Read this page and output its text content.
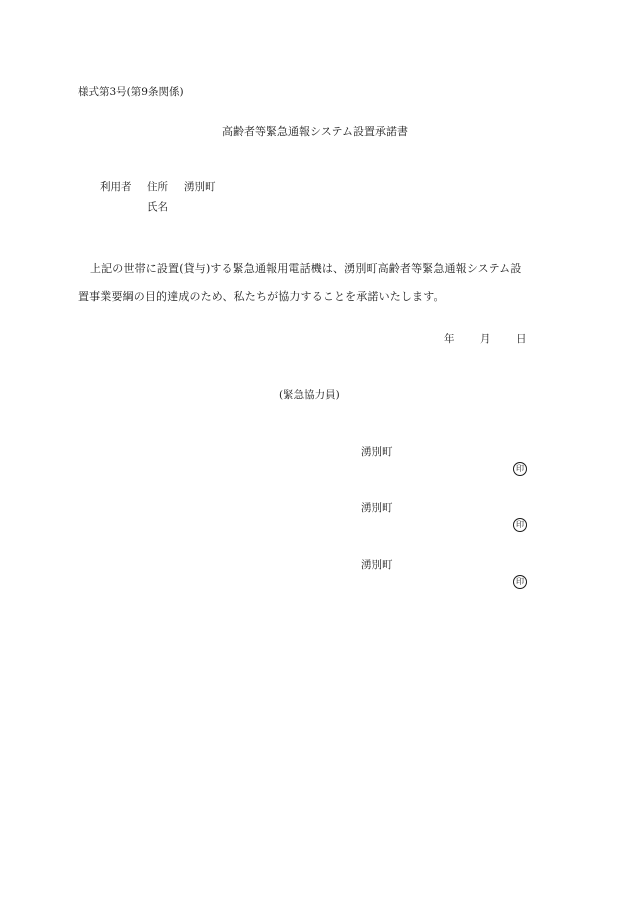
様式第3号(第9条関係)
高齢者等緊急通報システム設置承諾書
利用者 住所 湧別町
氏名
上記の世帯に設置(貸与)する緊急通報用電話機は、湧別町高齢者等緊急通報システム設
置事業要綱の目的達成のため、私たちが協力することを承諾いたします。
年 月 日
(緊急協力員)
湧別町
印
湧別町
印
湧別町
印
